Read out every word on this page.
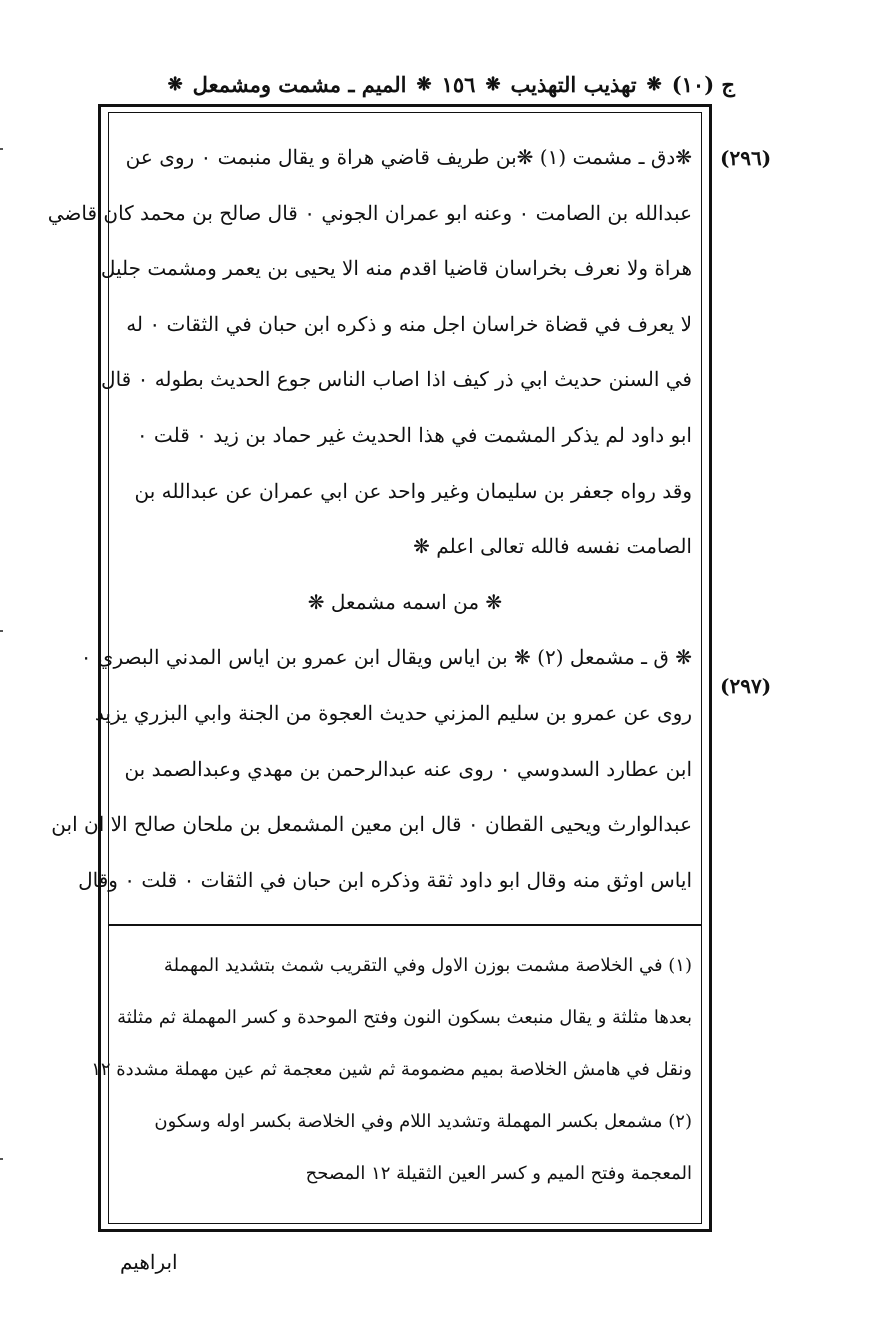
ج (١٠)
❋
تهذيب التهذيب
❋
١٥٦
❋
الميم ـ مشمت ومشمعل
❋
(٢٩٦)
(٢٩٧)
❋دق ـ مشمت (١) ❋بن طريف قاضي هراة و يقال منبمت ٠ روى عن
عبدالله بن الصامت ٠ وعنه ابو عمران الجوني ٠ قال صالح بن محمد كان قاضي
هراة ولا نعرف بخراسان قاضيا اقدم منه الا يحيى بن يعمر ومشمت جليل
لا يعرف في قضاة خراسان اجل منه و ذكره ابن حبان في الثقات ٠ له
في السنن حديث ابي ذر كيف اذا اصاب الناس جوع الحديث بطوله ٠ قال
ابو داود لم يذكر المشمت في هذا الحديث غير حماد بن زيد ٠ قلت ٠
وقد رواه جعفر بن سليمان وغير واحد عن ابي عمران عن عبدالله بن
الصامت نفسه فالله تعالى اعلم ❋
❋ من اسمه مشمعل ❋
❋ ق ـ مشمعل (٢) ❋ بن اياس ويقال ابن عمرو بن اياس المدني البصري ٠
روى عن عمرو بن سليم المزني حديث العجوة من الجنة وابي البزري يزيد
ابن عطارد السدوسي ٠ روى عنه عبدالرحمن بن مهدي وعبدالصمد بن
عبدالوارث ويحيى القطان ٠ قال ابن معين المشمعل بن ملحان صالح الا ان ابن
اياس اوثق منه وقال ابو داود ثقة وذكره ابن حبان في الثقات ٠ قلت ٠ وقال
(١) في الخلاصة مشمت بوزن الاول وفي التقريب شمث بتشديد المهملة
بعدها مثلثة و يقال منبعث بسكون النون وفتح الموحدة و كسر المهملة ثم مثلثة
ونقل في هامش الخلاصة بميم مضمومة ثم شين معجمة ثم عين مهملة مشددة ١٢
(٢) مشمعل بكسر المهملة وتشديد اللام وفي الخلاصة بكسر اوله وسكون
المعجمة وفتح الميم و كسر العين الثقيلة ١٢ المصحح
ابراهيم
